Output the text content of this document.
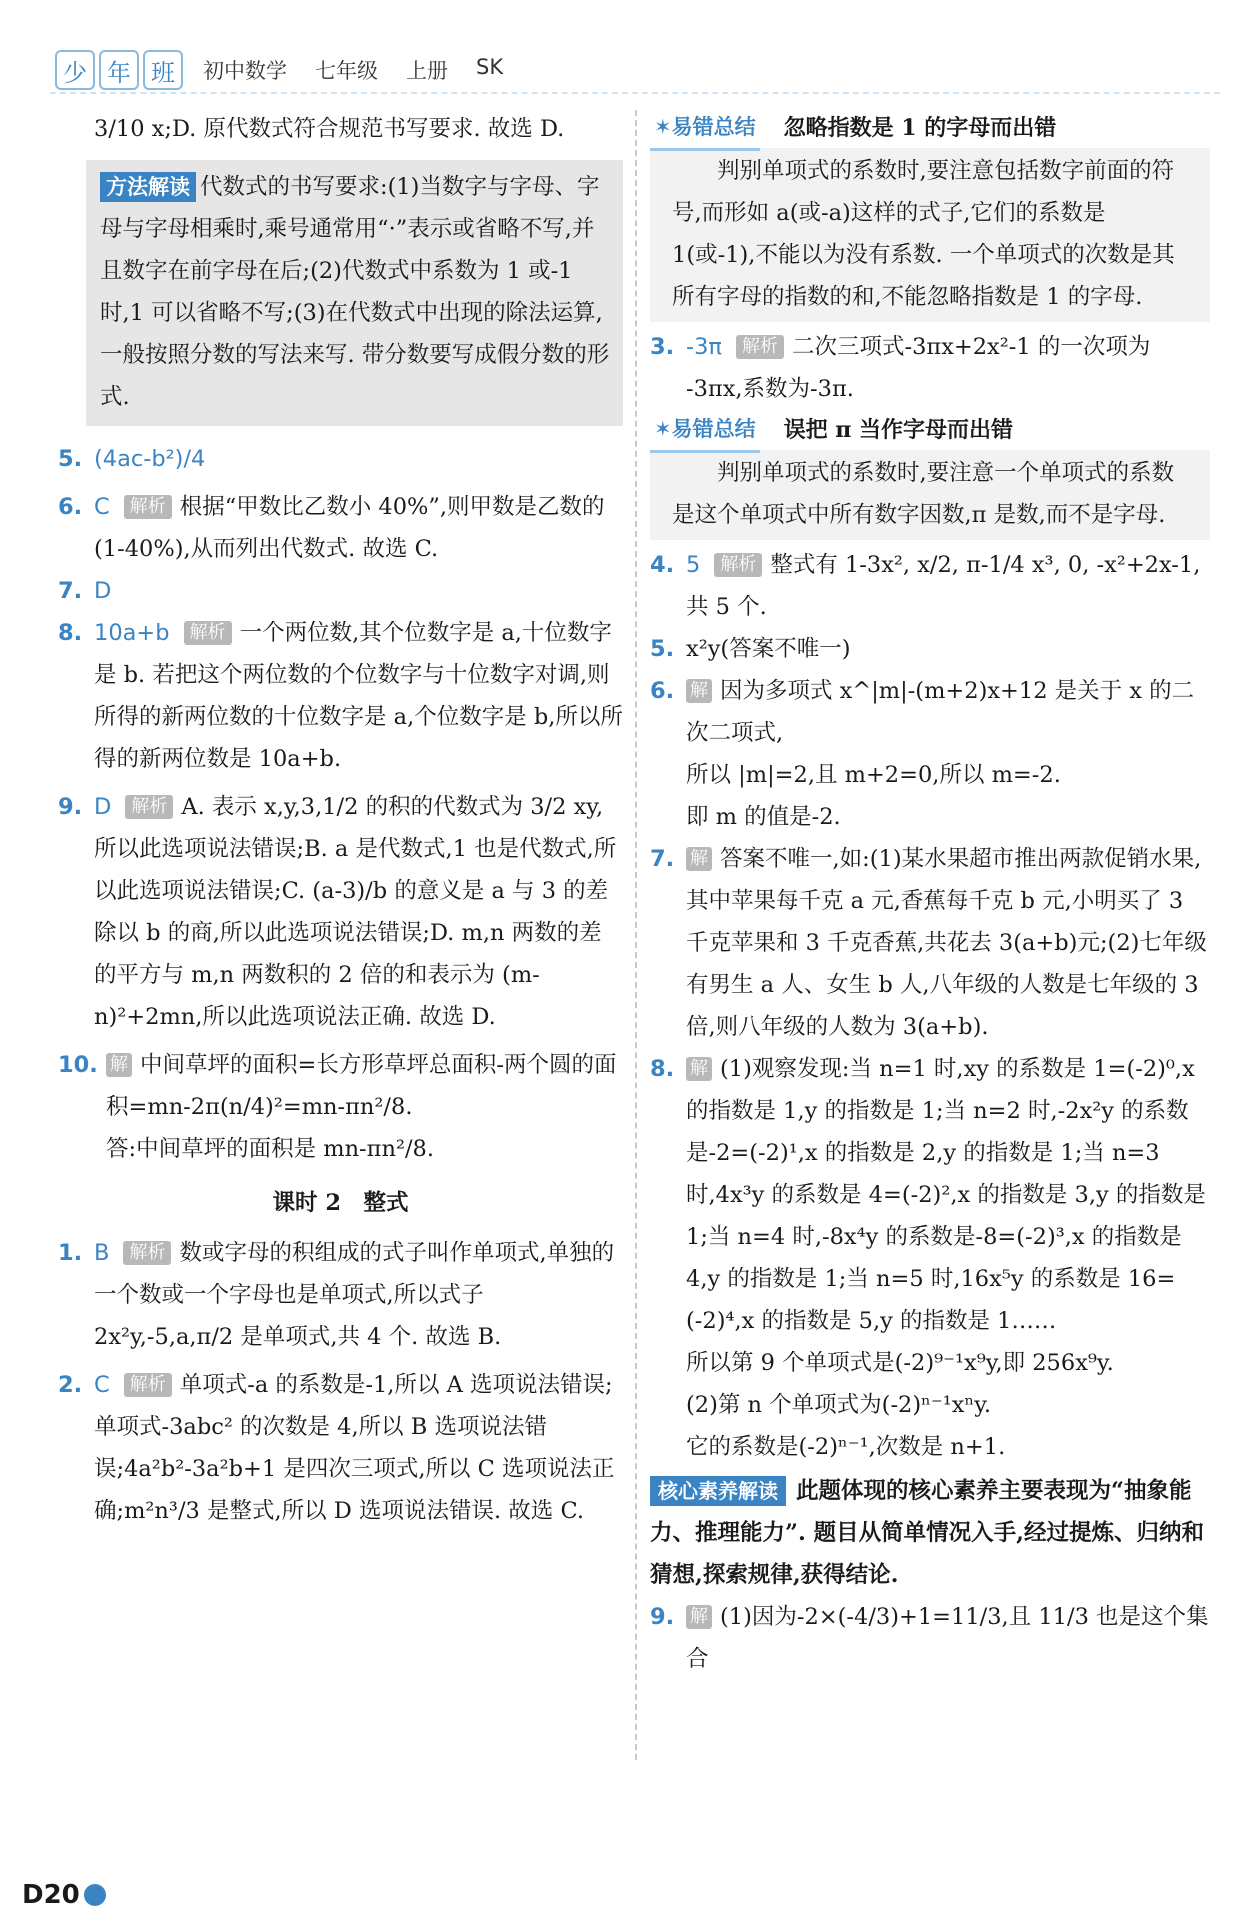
少 年 班	初中数学 七年级 上册 SK

3/10 x;D. 原代数式符合规范书写要求. 故选 D.

方法解读 代数式的书写要求:(1)当数字与字母、字母与字母相乘时,乘号通常用“·”表示或省略不写,并且数字在前字母在后;(2)代数式中系数为 1 或-1 时,1 可以省略不写;(3)在代数式中出现的除法运算,一般按照分数的写法来写. 带分数要写成假分数的形式.
5. (4ac-b²)/4
6. C 解析 根据“甲数比乙数小 40%”,则甲数是乙数的(1-40%),从而列出代数式. 故选 C.
7. D
8. 10a+b 解析 一个两位数,其个位数字是 a,十位数字是 b. 若把这个两位数的个位数字与十位数字对调,则所得的新两位数的十位数字是 a,个位数字是 b,所以所得的新两位数是 10a+b.
9. D 解析 A. 表示 x,y,3,1/2 的积的代数式为 3/2 xy,所以此选项说法错误;B. a 是代数式,1 也是代数式,所以此选项说法错误;C. (a-3)/b 的意义是 a 与 3 的差除以 b 的商,所以此选项说法错误;D. m,n 两数的差的平方与 m,n 两数积的 2 倍的和表示为 (m-n)²+2mn,所以此选项说法正确. 故选 D.
10. 解 中间草坪的面积=长方形草坪总面积-两个圆的面积=mn-2π(n/4)²=mn-πn²/8.

答:中间草坪的面积是 mn-πn²/8.

课时 2　整式
1. B 解析 数或字母的积组成的式子叫作单项式,单独的一个数或一个字母也是单项式,所以式子 2x²y,-5,a,π/2 是单项式,共 4 个. 故选 B.
2. C 解析 单项式-a 的系数是-1,所以 A 选项说法错误;单项式-3abc² 的次数是 4,所以 B 选项说法错误;4a²b²-3a²b+1 是四次三项式,所以 C 选项说法正确;m²n³/3 是整式,所以 D 选项说法错误. 故选 C.
✶ 易错总结 忽略指数是 1 的字母而出错
判别单项式的系数时,要注意包括数字前面的符号,而形如 a(或-a)这样的式子,它们的系数是 1(或-1),不能以为没有系数. 一个单项式的次数是其所有字母的指数的和,不能忽略指数是 1 的字母.
3. -3π 解析 二次三项式-3πx+2x²-1 的一次项为 -3πx,系数为-3π.
✶ 易错总结 误把 π 当作字母而出错
判别单项式的系数时,要注意一个单项式的系数是这个单项式中所有数字因数,π 是数,而不是字母.
4. 5 解析 整式有 1-3x², x/2, π-1/4 x³, 0, -x²+2x-1,共 5 个.
5. x²y(答案不唯一)
6. 解 因为多项式 x^|m|-(m+2)x+12 是关于 x 的二次二项式,

所以 |m|=2,且 m+2=0,所以 m=-2.

即 m 的值是-2.

7. 解 答案不唯一,如:(1)某水果超市推出两款促销水果,其中苹果每千克 a 元,香蕉每千克 b 元,小明买了 3 千克苹果和 3 千克香蕉,共花去 3(a+b)元;(2)七年级有男生 a 人、女生 b 人,八年级的人数是七年级的 3 倍,则八年级的人数为 3(a+b).
8. 解 (1)观察发现:当 n=1 时,xy 的系数是 1=(-2)⁰,x 的指数是 1,y 的指数是 1;当 n=2 时,-2x²y 的系数是-2=(-2)¹,x 的指数是 2,y 的指数是 1;当 n=3 时,4x³y 的系数是 4=(-2)²,x 的指数是 3,y 的指数是 1;当 n=4 时,-8x⁴y 的系数是-8=(-2)³,x 的指数是 4,y 的指数是 1;当 n=5 时,16x⁵y 的系数是 16=(-2)⁴,x 的指数是 5,y 的指数是 1……

所以第 9 个单项式是(-2)⁹⁻¹x⁹y,即 256x⁹y.

(2)第 n 个单项式为(-2)ⁿ⁻¹xⁿy.

它的系数是(-2)ⁿ⁻¹,次数是 n+1.

核心素养解读 此题体现的核心素养主要表现为“抽象能力、推理能力”. 题目从简单情况入手,经过提炼、归纳和猜想,探索规律,获得结论.
9. 解 (1)因为-2×(-4/3)+1=11/3,且 11/3 也是这个集合
D20
